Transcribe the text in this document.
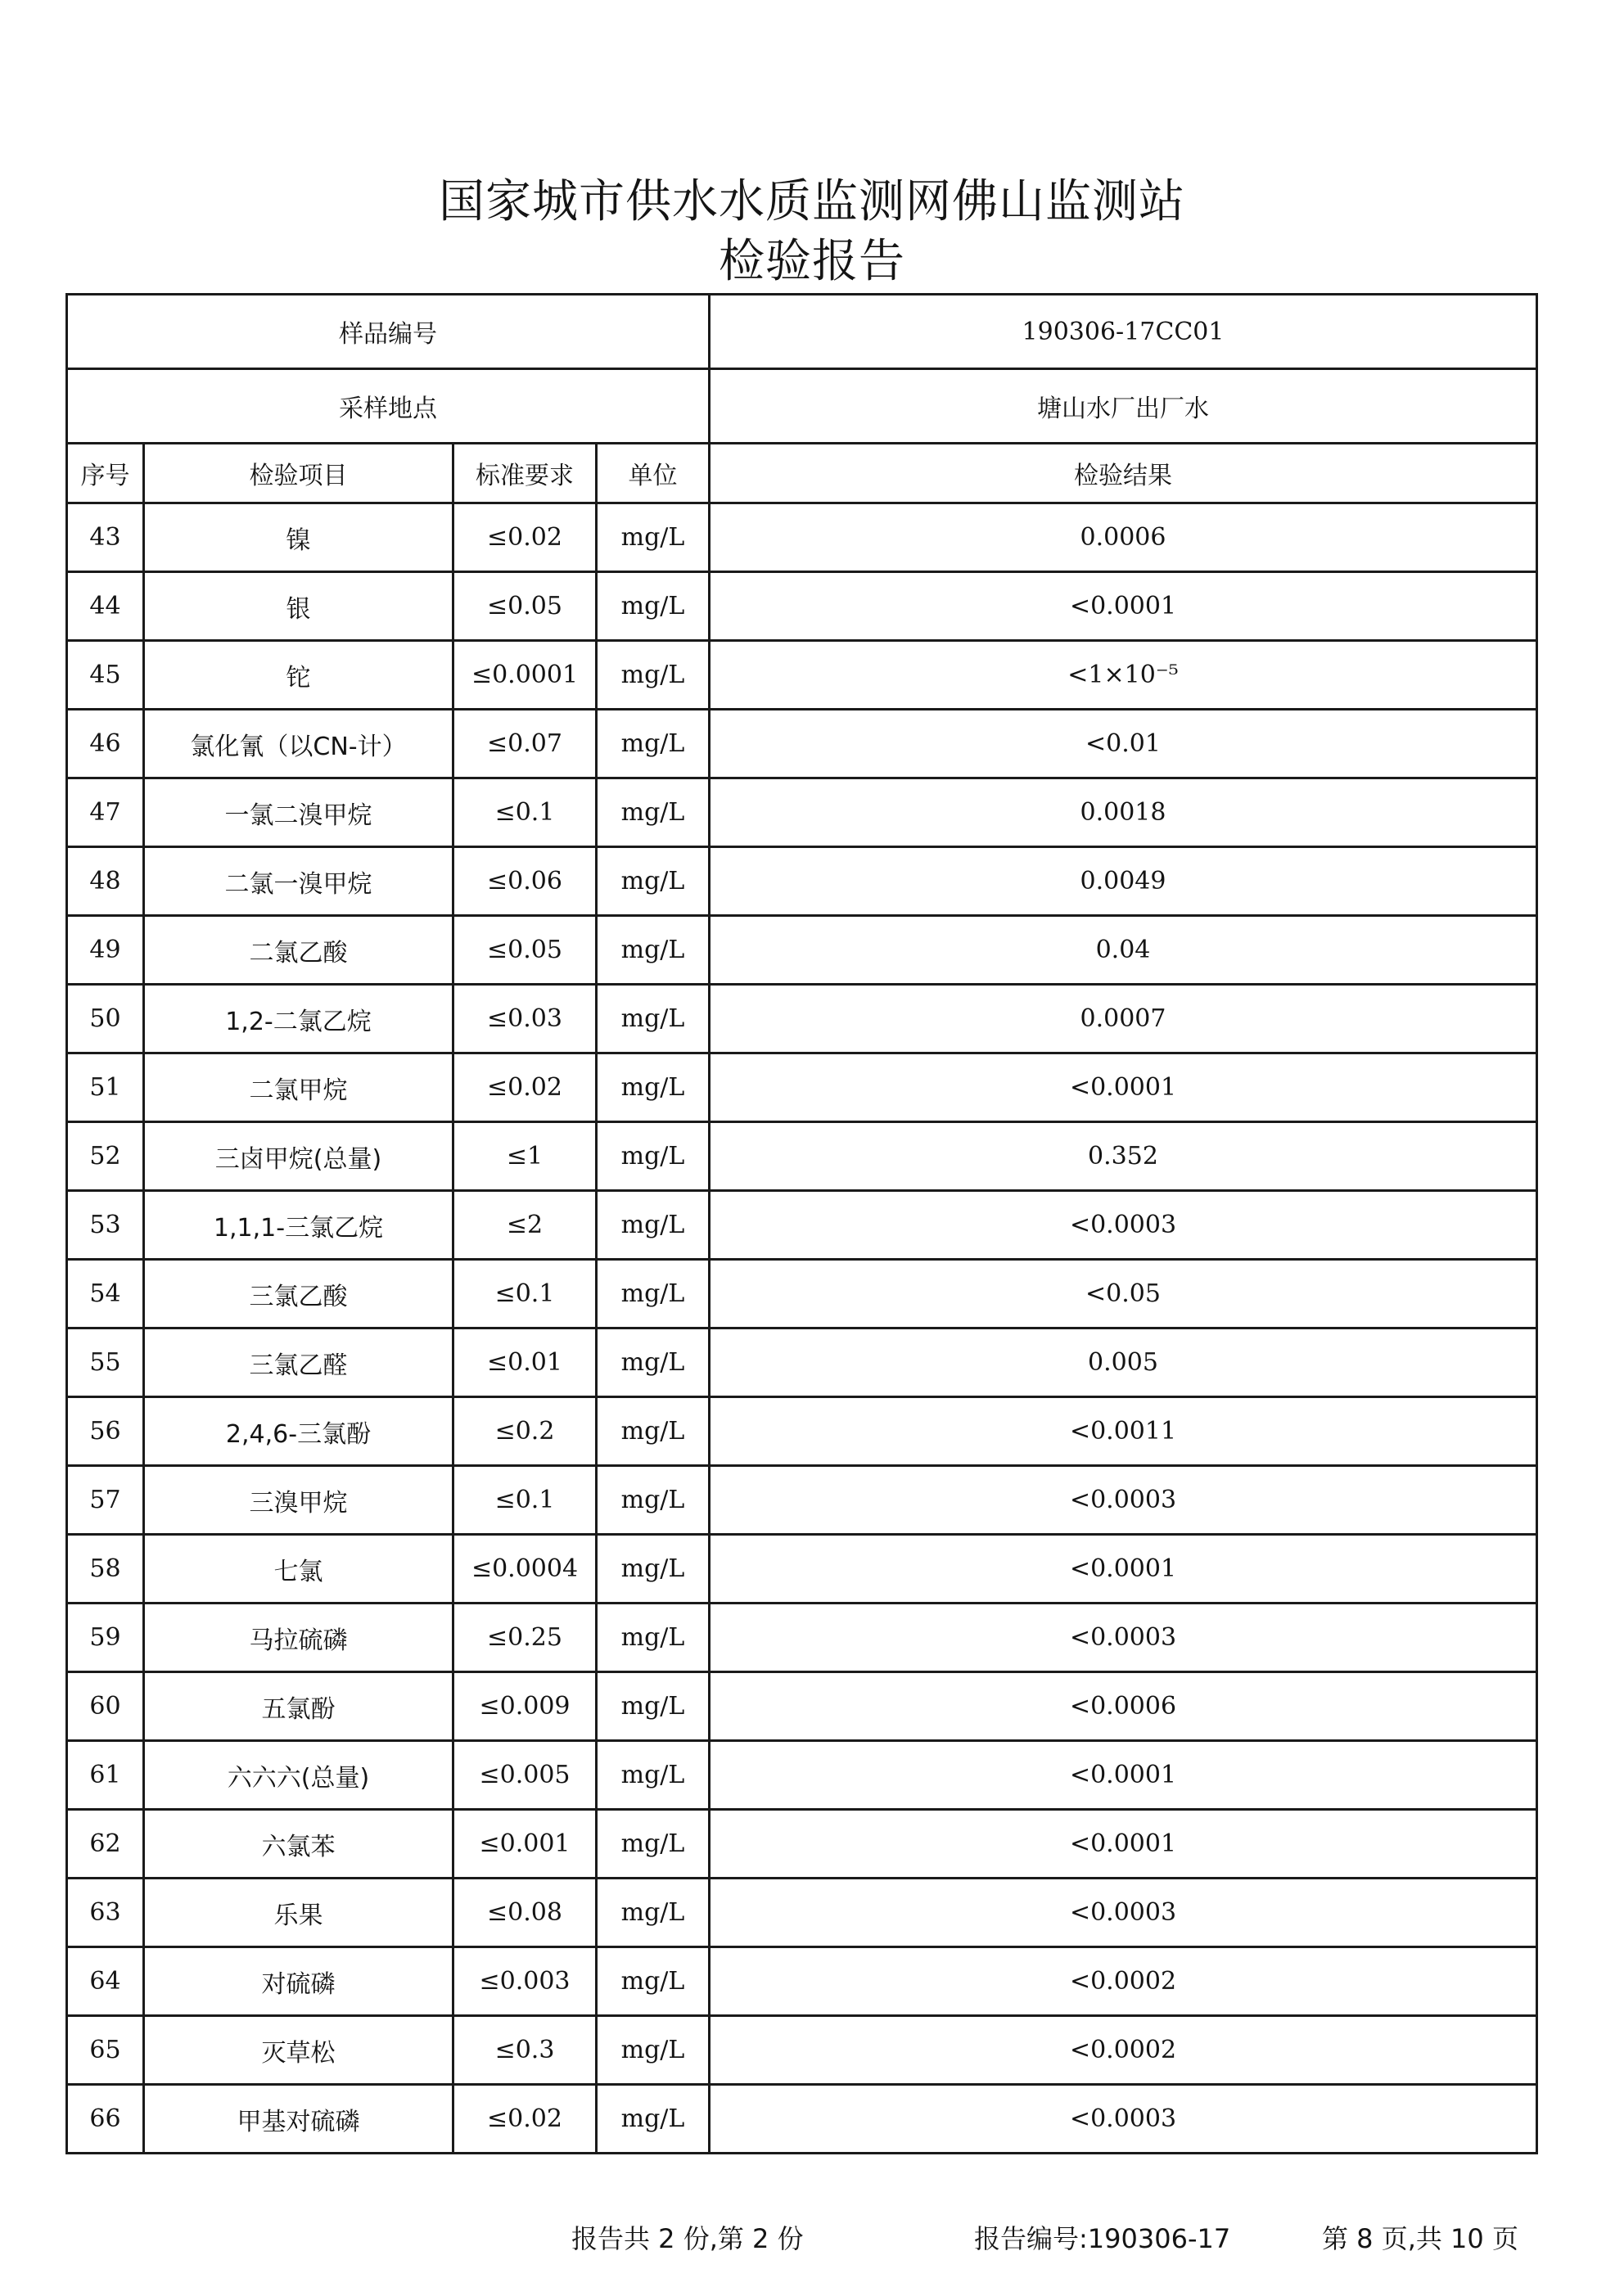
国家城市供水水质监测网佛山监测站
检验报告
样品编号				190306-17CC01
采样地点				塘山水厂出厂水
序号	检验项目	标准要求	单位	检验结果
43	镍	≤0.02	mg/L	0.0006
44	银	≤0.05	mg/L	<0.0001
45	铊	≤0.0001	mg/L	<1×10⁻⁵
46	氯化氰（以CN-计）	≤0.07	mg/L	<0.01
47	一氯二溴甲烷	≤0.1	mg/L	0.0018
48	二氯一溴甲烷	≤0.06	mg/L	0.0049
49	二氯乙酸	≤0.05	mg/L	0.04
50	1,2-二氯乙烷	≤0.03	mg/L	0.0007
51	二氯甲烷	≤0.02	mg/L	<0.0001
52	三卤甲烷(总量)	≤1	mg/L	0.352
53	1,1,1-三氯乙烷	≤2	mg/L	<0.0003
54	三氯乙酸	≤0.1	mg/L	<0.05
55	三氯乙醛	≤0.01	mg/L	0.005
56	2,4,6-三氯酚	≤0.2	mg/L	<0.0011
57	三溴甲烷	≤0.1	mg/L	<0.0003
58	七氯	≤0.0004	mg/L	<0.0001
59	马拉硫磷	≤0.25	mg/L	<0.0003
60	五氯酚	≤0.009	mg/L	<0.0006
61	六六六(总量)	≤0.005	mg/L	<0.0001
62	六氯苯	≤0.001	mg/L	<0.0001
63	乐果	≤0.08	mg/L	<0.0003
64	对硫磷	≤0.003	mg/L	<0.0002
65	灭草松	≤0.3	mg/L	<0.0002
66	甲基对硫磷	≤0.02	mg/L	<0.0003
报告共 2 份,第 2 份	报告编号:190306-17	第 8 页,共 10 页
